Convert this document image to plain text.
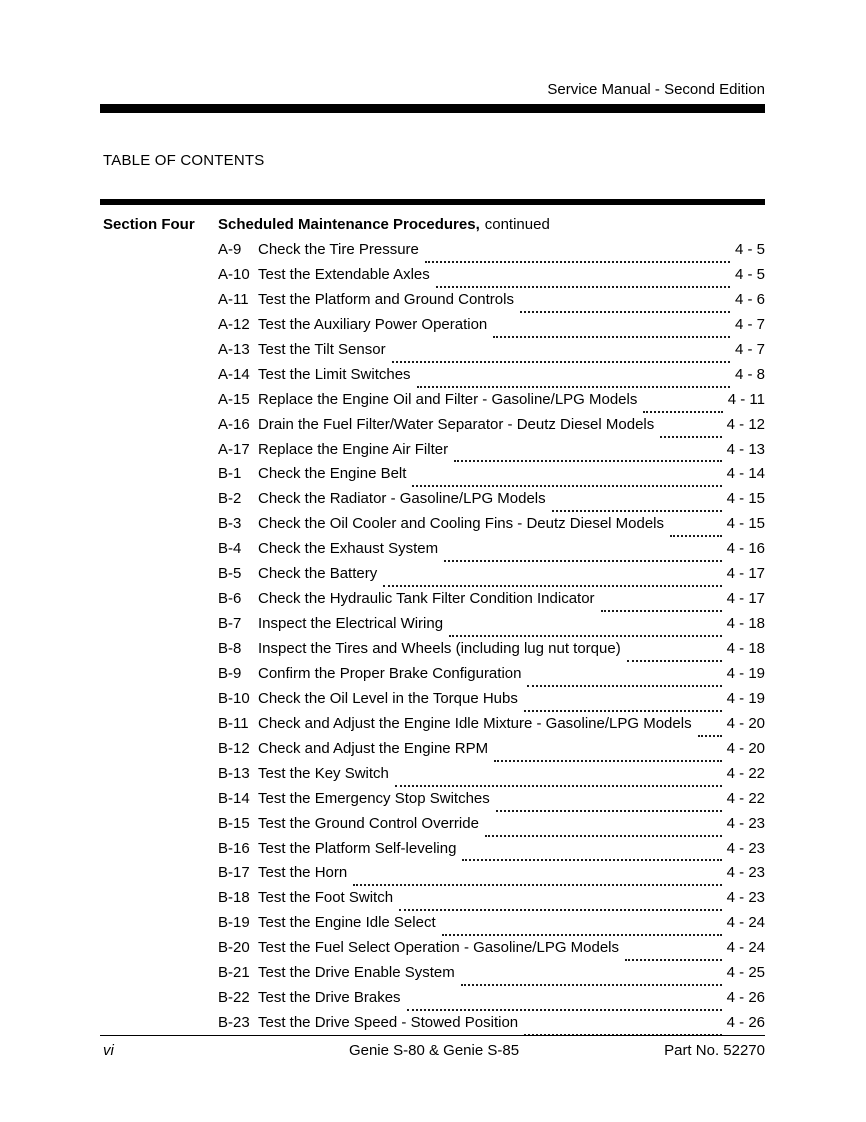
Service Manual - Second Edition
TABLE OF CONTENTS
Section Four	Scheduled Maintenance Procedures, continued
A-9	Check the Tire Pressure	4 - 5
A-10 Test the Extendable Axles	4 - 5
A-11 Test the Platform and Ground Controls	4 - 6
A-12 Test the Auxiliary Power Operation	4 - 7
A-13 Test the Tilt Sensor	4 - 7
A-14 Test the Limit Switches	4 - 8
A-15 Replace the Engine Oil and Filter - Gasoline/LPG Models	4 - 11
A-16 Drain the Fuel Filter/Water Separator - Deutz Diesel Models	4 - 12
A-17 Replace the Engine Air Filter	4 - 13
B-1	Check the Engine Belt	4 - 14
B-2	Check the Radiator - Gasoline/LPG Models	4 - 15
B-3	Check the Oil Cooler and Cooling Fins - Deutz Diesel Models	4 - 15
B-4	Check the Exhaust System	4 - 16
B-5	Check the Battery	4 - 17
B-6	Check the Hydraulic Tank Filter Condition Indicator	4 - 17
B-7	Inspect the Electrical Wiring	4 - 18
B-8	Inspect the Tires and Wheels (including lug nut torque)	4 - 18
B-9	Confirm the Proper Brake Configuration	4 - 19
B-10 Check the Oil Level in the Torque Hubs	4 - 19
B-11 Check and Adjust the Engine Idle Mixture - Gasoline/LPG Models 4 - 20
B-12 Check and Adjust the Engine RPM	4 - 20
B-13 Test the Key Switch	4 - 22
B-14 Test the Emergency Stop Switches	4 - 22
B-15 Test the Ground Control Override	4 - 23
B-16 Test the Platform Self-leveling	4 - 23
B-17 Test the Horn	4 - 23
B-18 Test the Foot Switch	4 - 23
B-19 Test the Engine Idle Select	4 - 24
B-20 Test the Fuel Select Operation - Gasoline/LPG Models	4 - 24
B-21 Test the Drive Enable System	4 - 25
B-22 Test the Drive Brakes	4 - 26
B-23 Test the Drive Speed - Stowed Position	4 - 26
vi	Genie S-80 & Genie S-85	Part No. 52270
